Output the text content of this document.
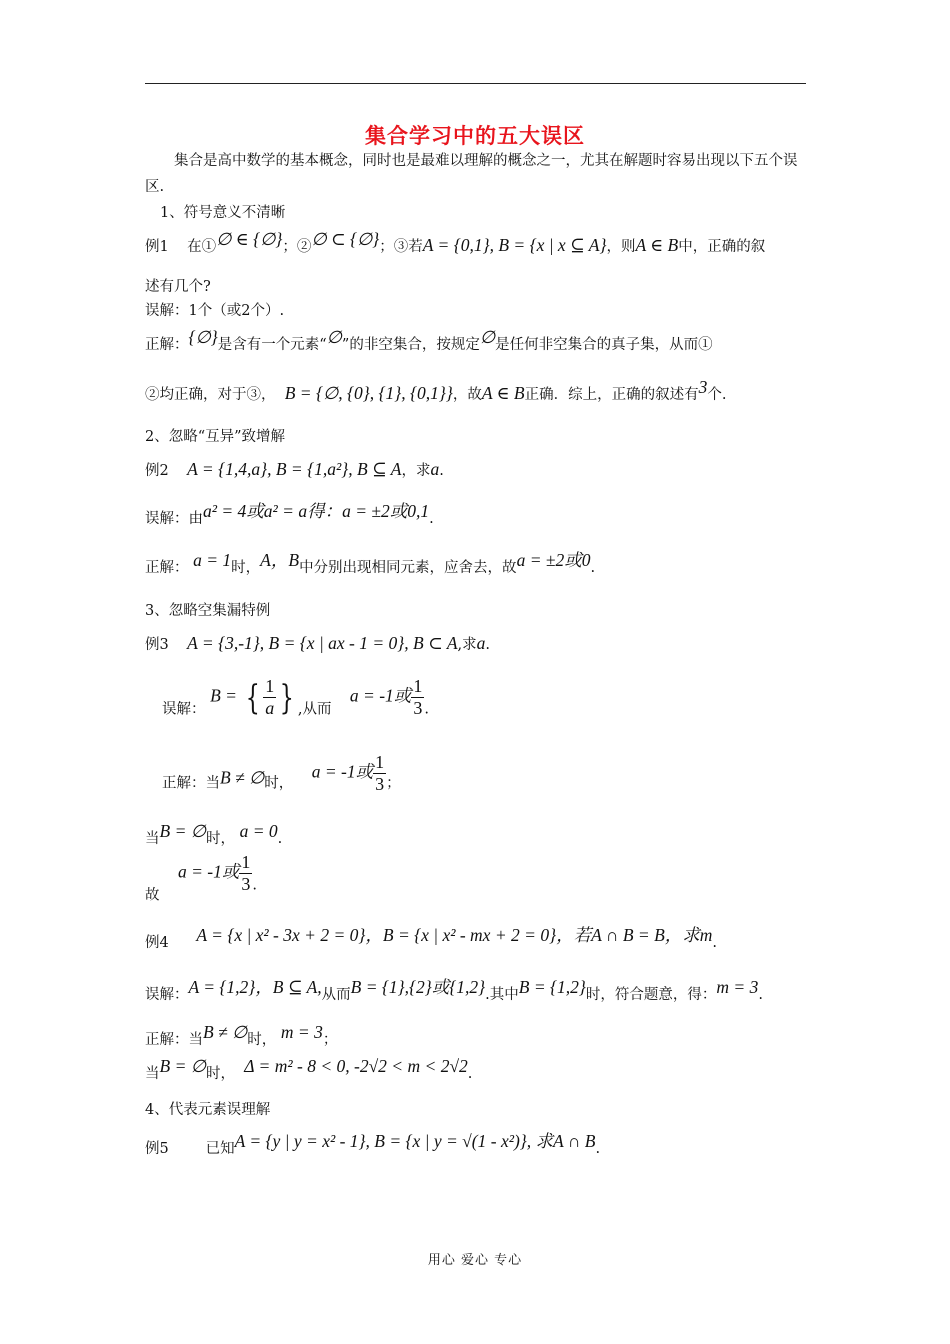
集合学习中的五大误区
集合是高中数学的基本概念，同时也是最难以理解的概念之一，尤其在解题时容易出现以下五个误区.
1、符号意义不清晰
例1 在①∅ ∈ {∅}；②∅ ⊂ {∅}；③若A = {0,1}, B = {x | x ⊆ A}，则A ∈ B中，正确的叙
述有几个?
误解：1个（或2个）.
正解：{∅}是含有一个元素“∅”的非空集合，按规定∅是任何非空集合的真子集，从而①
②均正确，对于③， B = {∅, {0}, {1}, {0,1}}，故A ∈ B正确．综上，正确的叙述有3个.
2、忽略“互异”致增解
例2 A = {1,4,a}, B = {1,a²}, B ⊆ A，求a.
误解：由a² = 4或a² = a得：a = ±2或0,1.
正解： a = 1时，A，B中分别出现相同元素，应舍去，故a = ±2或0.
3、忽略空集漏特例
例3 A = {3,-1}, B = {x | ax - 1 = 0}, B ⊂ A,求a.
误解： B = { $\frac{1}{a}$ } ,从而    a = -1或 $\frac{1}{3}$ .
正解：当B ≠ ∅时，    a = -1或 $\frac{1}{3}$ ；
当B = ∅时， a = 0.
故    a = -1或 $\frac{1}{3}$ .
例4 A = {x | x² - 3x + 2 = 0}，B = {x | x² - mx + 2 = 0}，若A ∩ B = B，求m.
误解：A = {1,2}，B ⊆ A,从而B = {1},{2}或{1,2}.其中B = {1,2}时，符合题意，得：m = 3.
正解：当B ≠ ∅时， m = 3；
当B = ∅时， Δ = m² - 8 < 0, -2√2 < m < 2√2.
4、代表元素误理解
例5	已知A = {y | y = x² - 1}, B = {x | y = √(1 - x²)}, 求A ∩ B.
用心 爱心 专心
